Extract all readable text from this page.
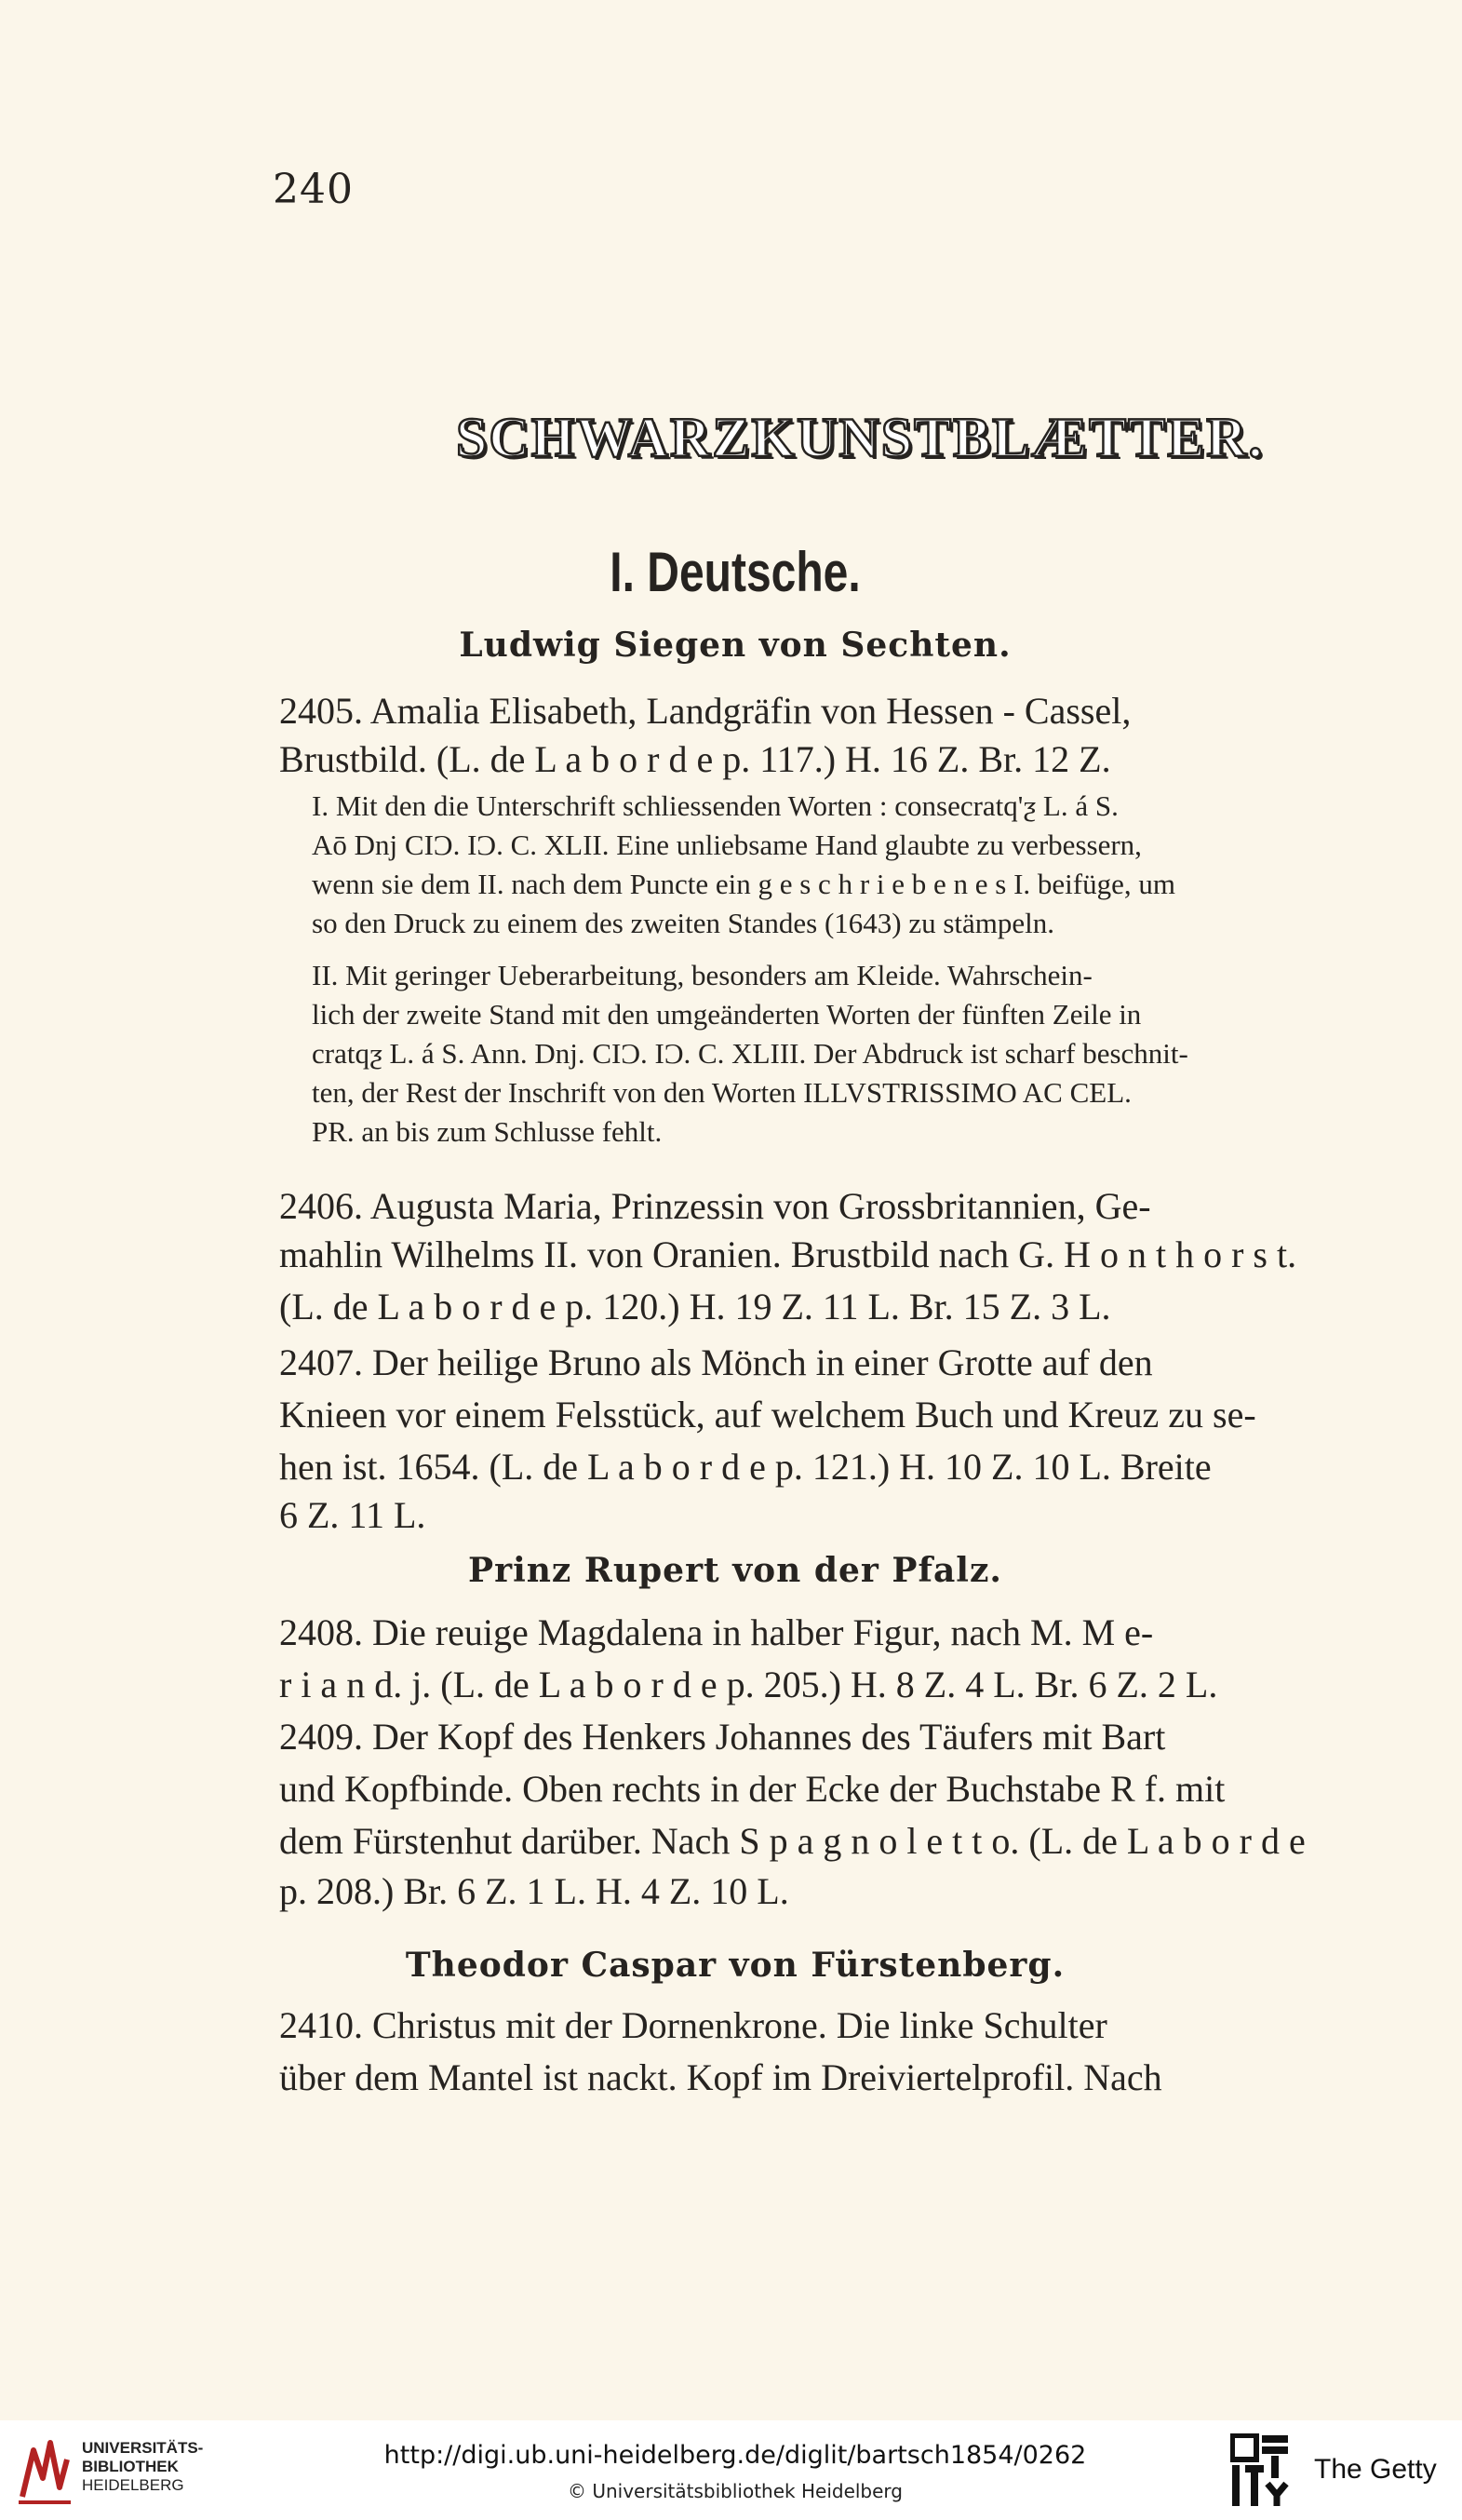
240
SCHWARZKUNSTBLÆTTER.
I. Deutsche.
Ludwig Siegen von Sechten.
2405. Amalia Elisabeth, Landgräfin von Hessen - Cassel,
Brustbild. (L. de L a b o r d e p. 117.) H. 16 Z. Br. 12 Z.
I. Mit den die Unterschrift schliessenden Worten : consecratq'ƺ L. á S.
Aō Dnj CIϽ. IϽ. C. XLII. Eine unliebsame Hand glaubte zu verbessern,
wenn sie dem II. nach dem Puncte ein g e s c h r i e b e n e s I. beifüge, um
so den Druck zu einem des zweiten Standes (1643) zu stämpeln.
II. Mit geringer Ueberarbeitung, besonders am Kleide. Wahrschein-
lich der zweite Stand mit den umgeänderten Worten der fünften Zeile in
cratqƺ L. á S. Ann. Dnj. CIϽ. IϽ. C. XLIII. Der Abdruck ist scharf beschnit-
ten, der Rest der Inschrift von den Worten ILLVSTRISSIMO AC CEL.
PR. an bis zum Schlusse fehlt.
2406. Augusta Maria, Prinzessin von Grossbritannien, Ge-
mahlin Wilhelms II. von Oranien. Brustbild nach G. H o n t h o r s t.
(L. de L a b o r d e p. 120.) H. 19 Z. 11 L. Br. 15 Z. 3 L.
2407. Der heilige Bruno als Mönch in einer Grotte auf den
Knieen vor einem Felsstück, auf welchem Buch und Kreuz zu se-
hen ist. 1654. (L. de L a b o r d e p. 121.) H. 10 Z. 10 L. Breite
6 Z. 11 L.
Prinz Rupert von der Pfalz.
2408. Die reuige Magdalena in halber Figur, nach M. M e-
r i a n d. j. (L. de L a b o r d e p. 205.) H. 8 Z. 4 L. Br. 6 Z. 2 L.
2409. Der Kopf des Henkers Johannes des Täufers mit Bart
und Kopfbinde. Oben rechts in der Ecke der Buchstabe R f. mit
dem Fürstenhut darüber. Nach S p a g n o l e t t o. (L. de L a b o r d e
p. 208.) Br. 6 Z. 1 L. H. 4 Z. 10 L.
Theodor Caspar von Fürstenberg.
2410. Christus mit der Dornenkrone. Die linke Schulter
über dem Mantel ist nackt. Kopf im Dreiviertelprofil. Nach
UNIVERSITÄTS-
BIBLIOTHEK
HEIDELBERG
http://digi.ub.uni-heidelberg.de/diglit/bartsch1854/0262
© Universitätsbibliothek Heidelberg
The Getty
